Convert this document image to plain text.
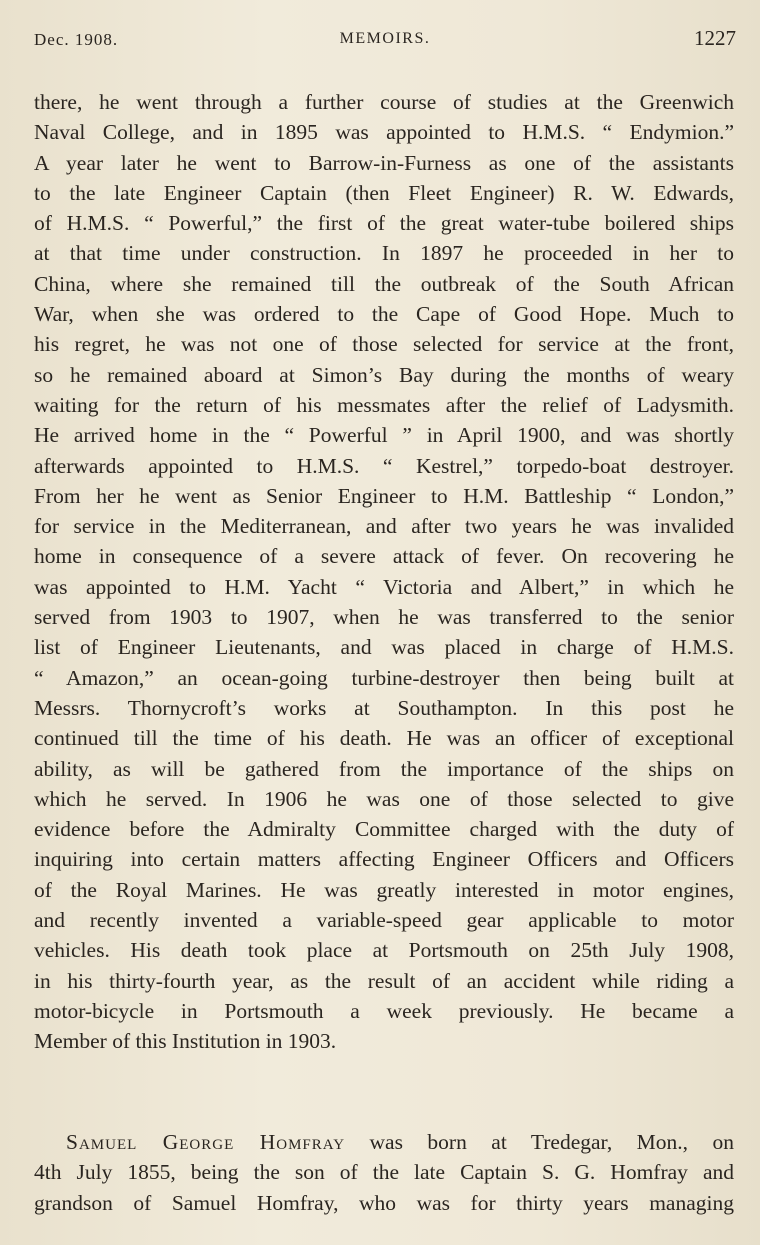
Dec. 1908.	MEMOIRS.	1227
there, he went through a further course of studies at the Greenwich
Naval College, and in 1895 was appointed to H.M.S. “ Endymion.”
A year later he went to Barrow-in-Furness as one of the assistants
to the late Engineer Captain (then Fleet Engineer) R. W. Edwards,
of H.M.S. “ Powerful,” the first of the great water-tube boilered ships
at that time under construction. In 1897 he proceeded in her to
China, where she remained till the outbreak of the South African
War, when she was ordered to the Cape of Good Hope. Much to
his regret, he was not one of those selected for service at the front,
so he remained aboard at Simon’s Bay during the months of weary
waiting for the return of his messmates after the relief of Ladysmith.
He arrived home in the “ Powerful ” in April 1900, and was shortly
afterwards appointed to H.M.S. “ Kestrel,” torpedo-boat destroyer.
From her he went as Senior Engineer to H.M. Battleship “ London,”
for service in the Mediterranean, and after two years he was invalided
home in consequence of a severe attack of fever. On recovering he
was appointed to H.M. Yacht “ Victoria and Albert,” in which he
served from 1903 to 1907, when he was transferred to the senior
list of Engineer Lieutenants, and was placed in charge of H.M.S.
“ Amazon,” an ocean-going turbine-destroyer then being built at
Messrs. Thornycroft’s works at Southampton. In this post he
continued till the time of his death. He was an officer of exceptional
ability, as will be gathered from the importance of the ships on
which he served. In 1906 he was one of those selected to give
evidence before the Admiralty Committee charged with the duty of
inquiring into certain matters affecting Engineer Officers and Officers
of the Royal Marines. He was greatly interested in motor engines,
and recently invented a variable-speed gear applicable to motor
vehicles. His death took place at Portsmouth on 25th July 1908,
in his thirty-fourth year, as the result of an accident while riding a
motor-bicycle in Portsmouth a week previously. He became a
Member of this Institution in 1903.
Samuel George Homfray was born at Tredegar, Mon., on
4th July 1855, being the son of the late Captain S. G. Homfray and
grandson of Samuel Homfray, who was for thirty years managing
